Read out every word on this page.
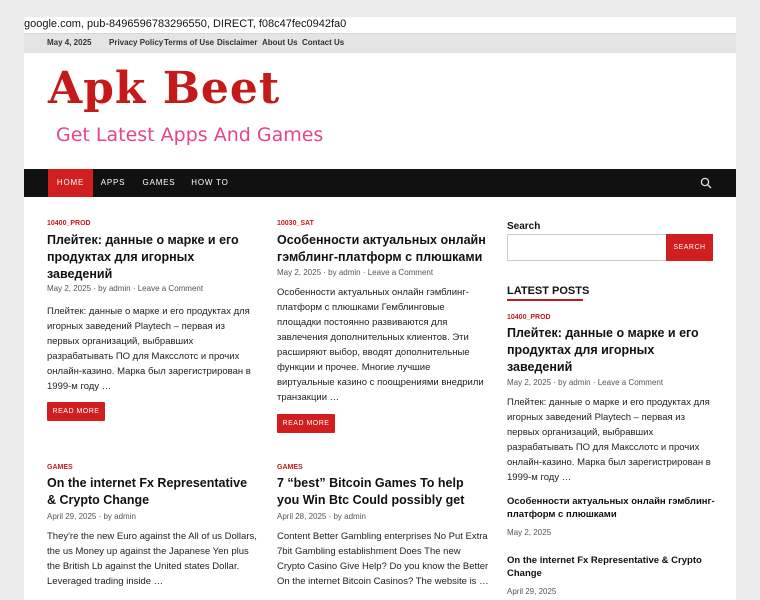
google.com, pub-8496596783296550, DIRECT, f08c47fec0942fa0
May 4, 2025 Privacy Policy Terms of Use Disclaimer About Us Contact Us
Apk Beet
Get Latest Apps And Games
HOME	APPS	GAMES	HOW TO
10400_PROD
Плейтек: данные о марке и его продуктах для игорных заведений
May 2, 2025 · by admin · Leave a Comment
Плейтек: данные о марке и его продуктах для игорных заведений Playtech – первая из первых организаций, выбравших разрабатывать ПО для Макcслотс и прочих онлайн-казино. Марка был зарегистрирован в 1999-м году …
READ MORE
10030_SAT
Особенности актуальных онлайн гэмблинг-платформ с плюшками
May 2, 2025 · by admin · Leave a Comment
Особенности актуальных онлайн гэмблинг-платформ с плюшками Гемблинговые площадки постоянно развиваются для завлечения дополнительных клиентов. Эти расширяют выбор, вводят дополнительные функции и прочее. Многие лучшие виртуальные казино с поощрениями внедрили транзакции …
READ MORE
GAMES
On the internet Fx Representative & Crypto Change
April 29, 2025 · by admin
They're the new Euro against the All of us Dollars, the us Money up against the Japanese Yen plus the British Lb against the United states Dollar. Leveraged trading inside …
GAMES
7 “best” Bitcoin Games To help you Win Btc Could possibly get
April 28, 2025 · by admin
Content Better Gambling enterprises No Put Extra 7bit Gambling establishment Does The new Crypto Casino Give Help? Do you know the Better On the internet Bitcoin Casinos? The website is …
Search
SEARCH
LATEST POSTS
10400_PROD
Плейтек: данные о марке и его продуктах для игорных заведений
May 2, 2025 · by admin · Leave a Comment
Плейтек: данные о марке и его продуктах для игорных заведений Playtech – первая из первых организаций, выбравших разрабатывать ПО для Макcслотс и прочих онлайн-казино. Марка был зарегистрирован в 1999-м году …
Особенности актуальных онлайн гэмблинг-платформ с плюшками
May 2, 2025
On the internet Fx Representative & Crypto Change
April 29, 2025
